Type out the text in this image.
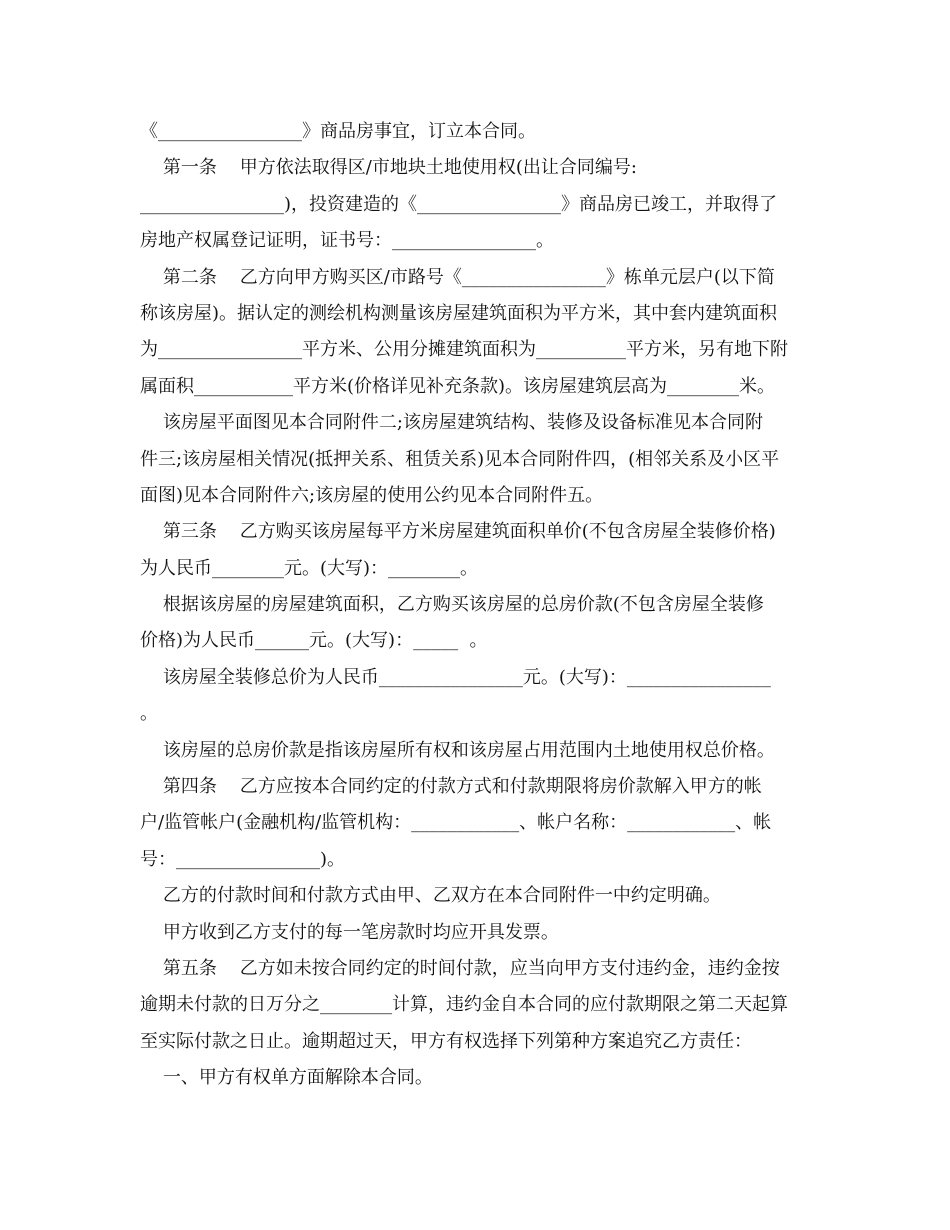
《________________》商品房事宜，订立本合同。
第一条    甲方依法取得区/市地块土地使用权(出让合同编号:
________________)，投资建造的《________________》商品房已竣工，并取得了
房地产权属登记证明，证书号：________________。
第二条    乙方向甲方购买区/市路号《________________》栋单元层户(以下简
称该房屋)。据认定的测绘机构测量该房屋建筑面积为平方米，其中套内建筑面积
为________________平方米、公用分摊建筑面积为__________平方米，另有地下附
属面积___________平方米(价格详见补充条款)。该房屋建筑层高为________米。
该房屋平面图见本合同附件二;该房屋建筑结构、装修及设备标准见本合同附
件三;该房屋相关情况(抵押关系、租赁关系)见本合同附件四，(相邻关系及小区平
面图)见本合同附件六;该房屋的使用公约见本合同附件五。
第三条    乙方购买该房屋每平方米房屋建筑面积单价(不包含房屋全装修价格)
为人民币________元。(大写)：________。
根据该房屋的房屋建筑面积，乙方购买该房屋的总房价款(不包含房屋全装修
价格)为人民币______元。(大写)：_____  。
该房屋全装修总价为人民币________________元。(大写)：________________
。
该房屋的总房价款是指该房屋所有权和该房屋占用范围内土地使用权总价格。
第四条    乙方应按本合同约定的付款方式和付款期限将房价款解入甲方的帐
户/监管帐户(金融机构/监管机构：____________、帐户名称：____________、帐
号：________________)。
乙方的付款时间和付款方式由甲、乙双方在本合同附件一中约定明确。
甲方收到乙方支付的每一笔房款时均应开具发票。
第五条    乙方如未按合同约定的时间付款，应当向甲方支付违约金，违约金按
逾期未付款的日万分之________计算，违约金自本合同的应付款期限之第二天起算
至实际付款之日止。逾期超过天，甲方有权选择下列第种方案追究乙方责任：
一、甲方有权单方面解除本合同。
